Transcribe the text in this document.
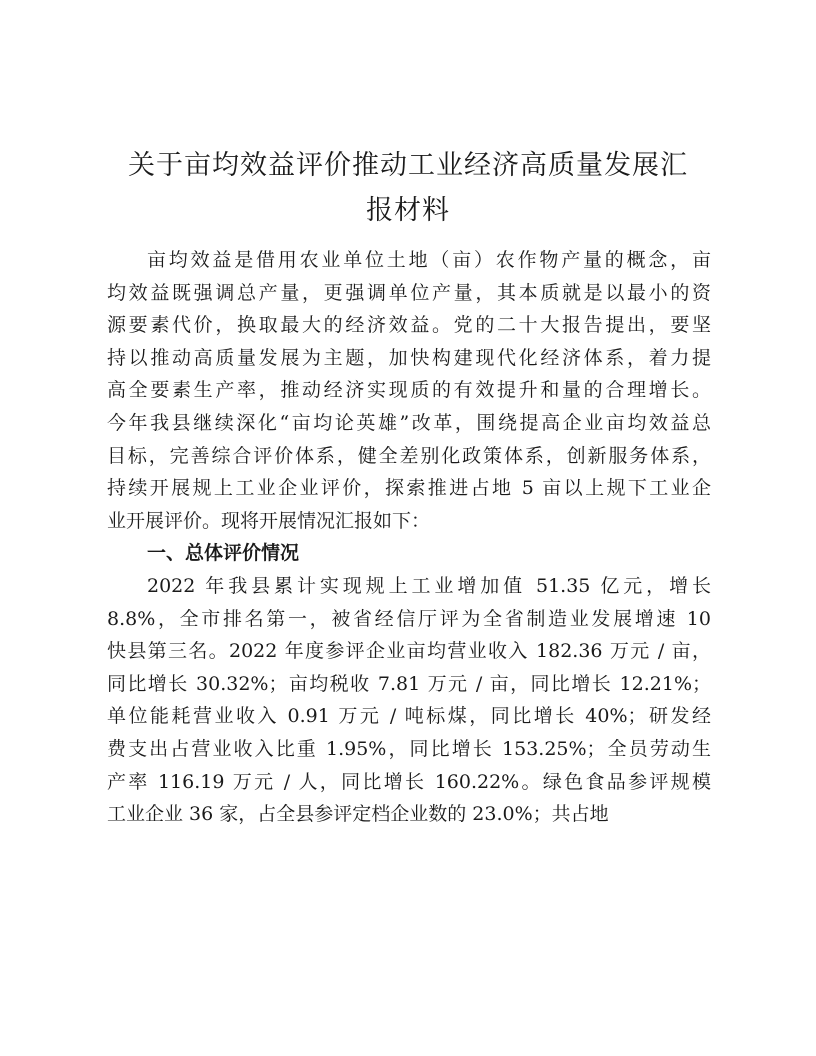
关于亩均效益评价推动工业经济高质量发展汇
报材料
亩均效益是借用农业单位土地（亩）农作物产量的概念，亩
均效益既强调总产量，更强调单位产量，其本质就是以最小的资
源要素代价，换取最大的经济效益。党的二十大报告提出，要坚
持以推动高质量发展为主题，加快构建现代化经济体系，着力提
高全要素生产率，推动经济实现质的有效提升和量的合理增长。
今年我县继续深化“亩均论英雄”改革，围绕提高企业亩均效益总
目标，完善综合评价体系，健全差别化政策体系，创新服务体系，
持续开展规上工业企业评价，探索推进占地 5 亩以上规下工业企
业开展评价。现将开展情况汇报如下：
一、总体评价情况
2022 年我县累计实现规上工业增加值 51.35 亿元，增长
8.8%，全市排名第一，被省经信厅评为全省制造业发展增速 10
快县第三名。2022 年度参评企业亩均营业收入 182.36 万元 / 亩，
同比增长 30.32%；亩均税收 7.81 万元 / 亩，同比增长 12.21%；
单位能耗营业收入 0.91 万元 / 吨标煤，同比增长 40%；研发经
费支出占营业收入比重 1.95%，同比增长 153.25%；全员劳动生
产率 116.19 万元 / 人，同比增长 160.22%。绿色食品参评规模
工业企业 36 家，占全县参评定档企业数的 23.0%；共占地
